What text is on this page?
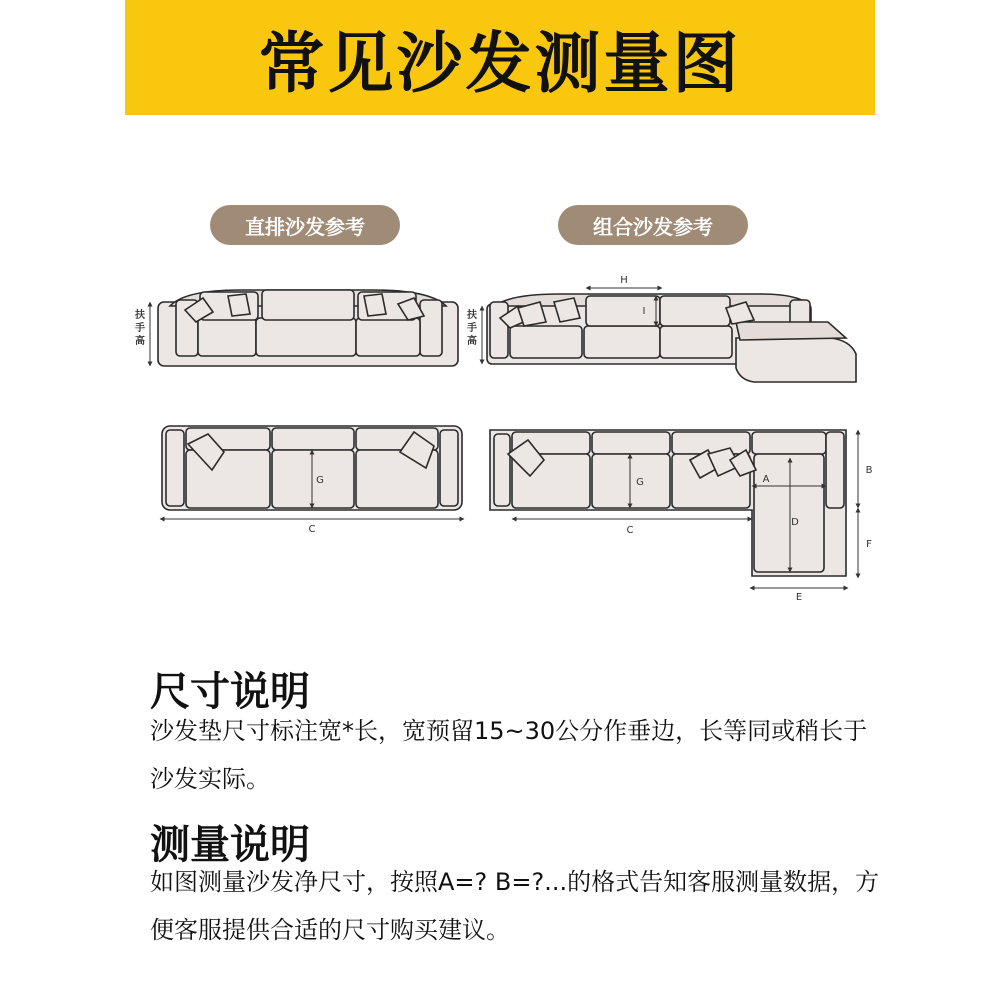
常见沙发测量图
直排沙发参考	组合沙发参考
扶手高
扶手高
H
I
G
C
G
C
A
D
B
F
E
尺寸说明
沙发垫尺寸标注宽*长，宽预留15~30公分作垂边，长等同或稍长于沙发实际。
测量说明
如图测量沙发净尺寸，按照A=? B=?...的格式告知客服测量数据，方便客服提供合适的尺寸购买建议。
